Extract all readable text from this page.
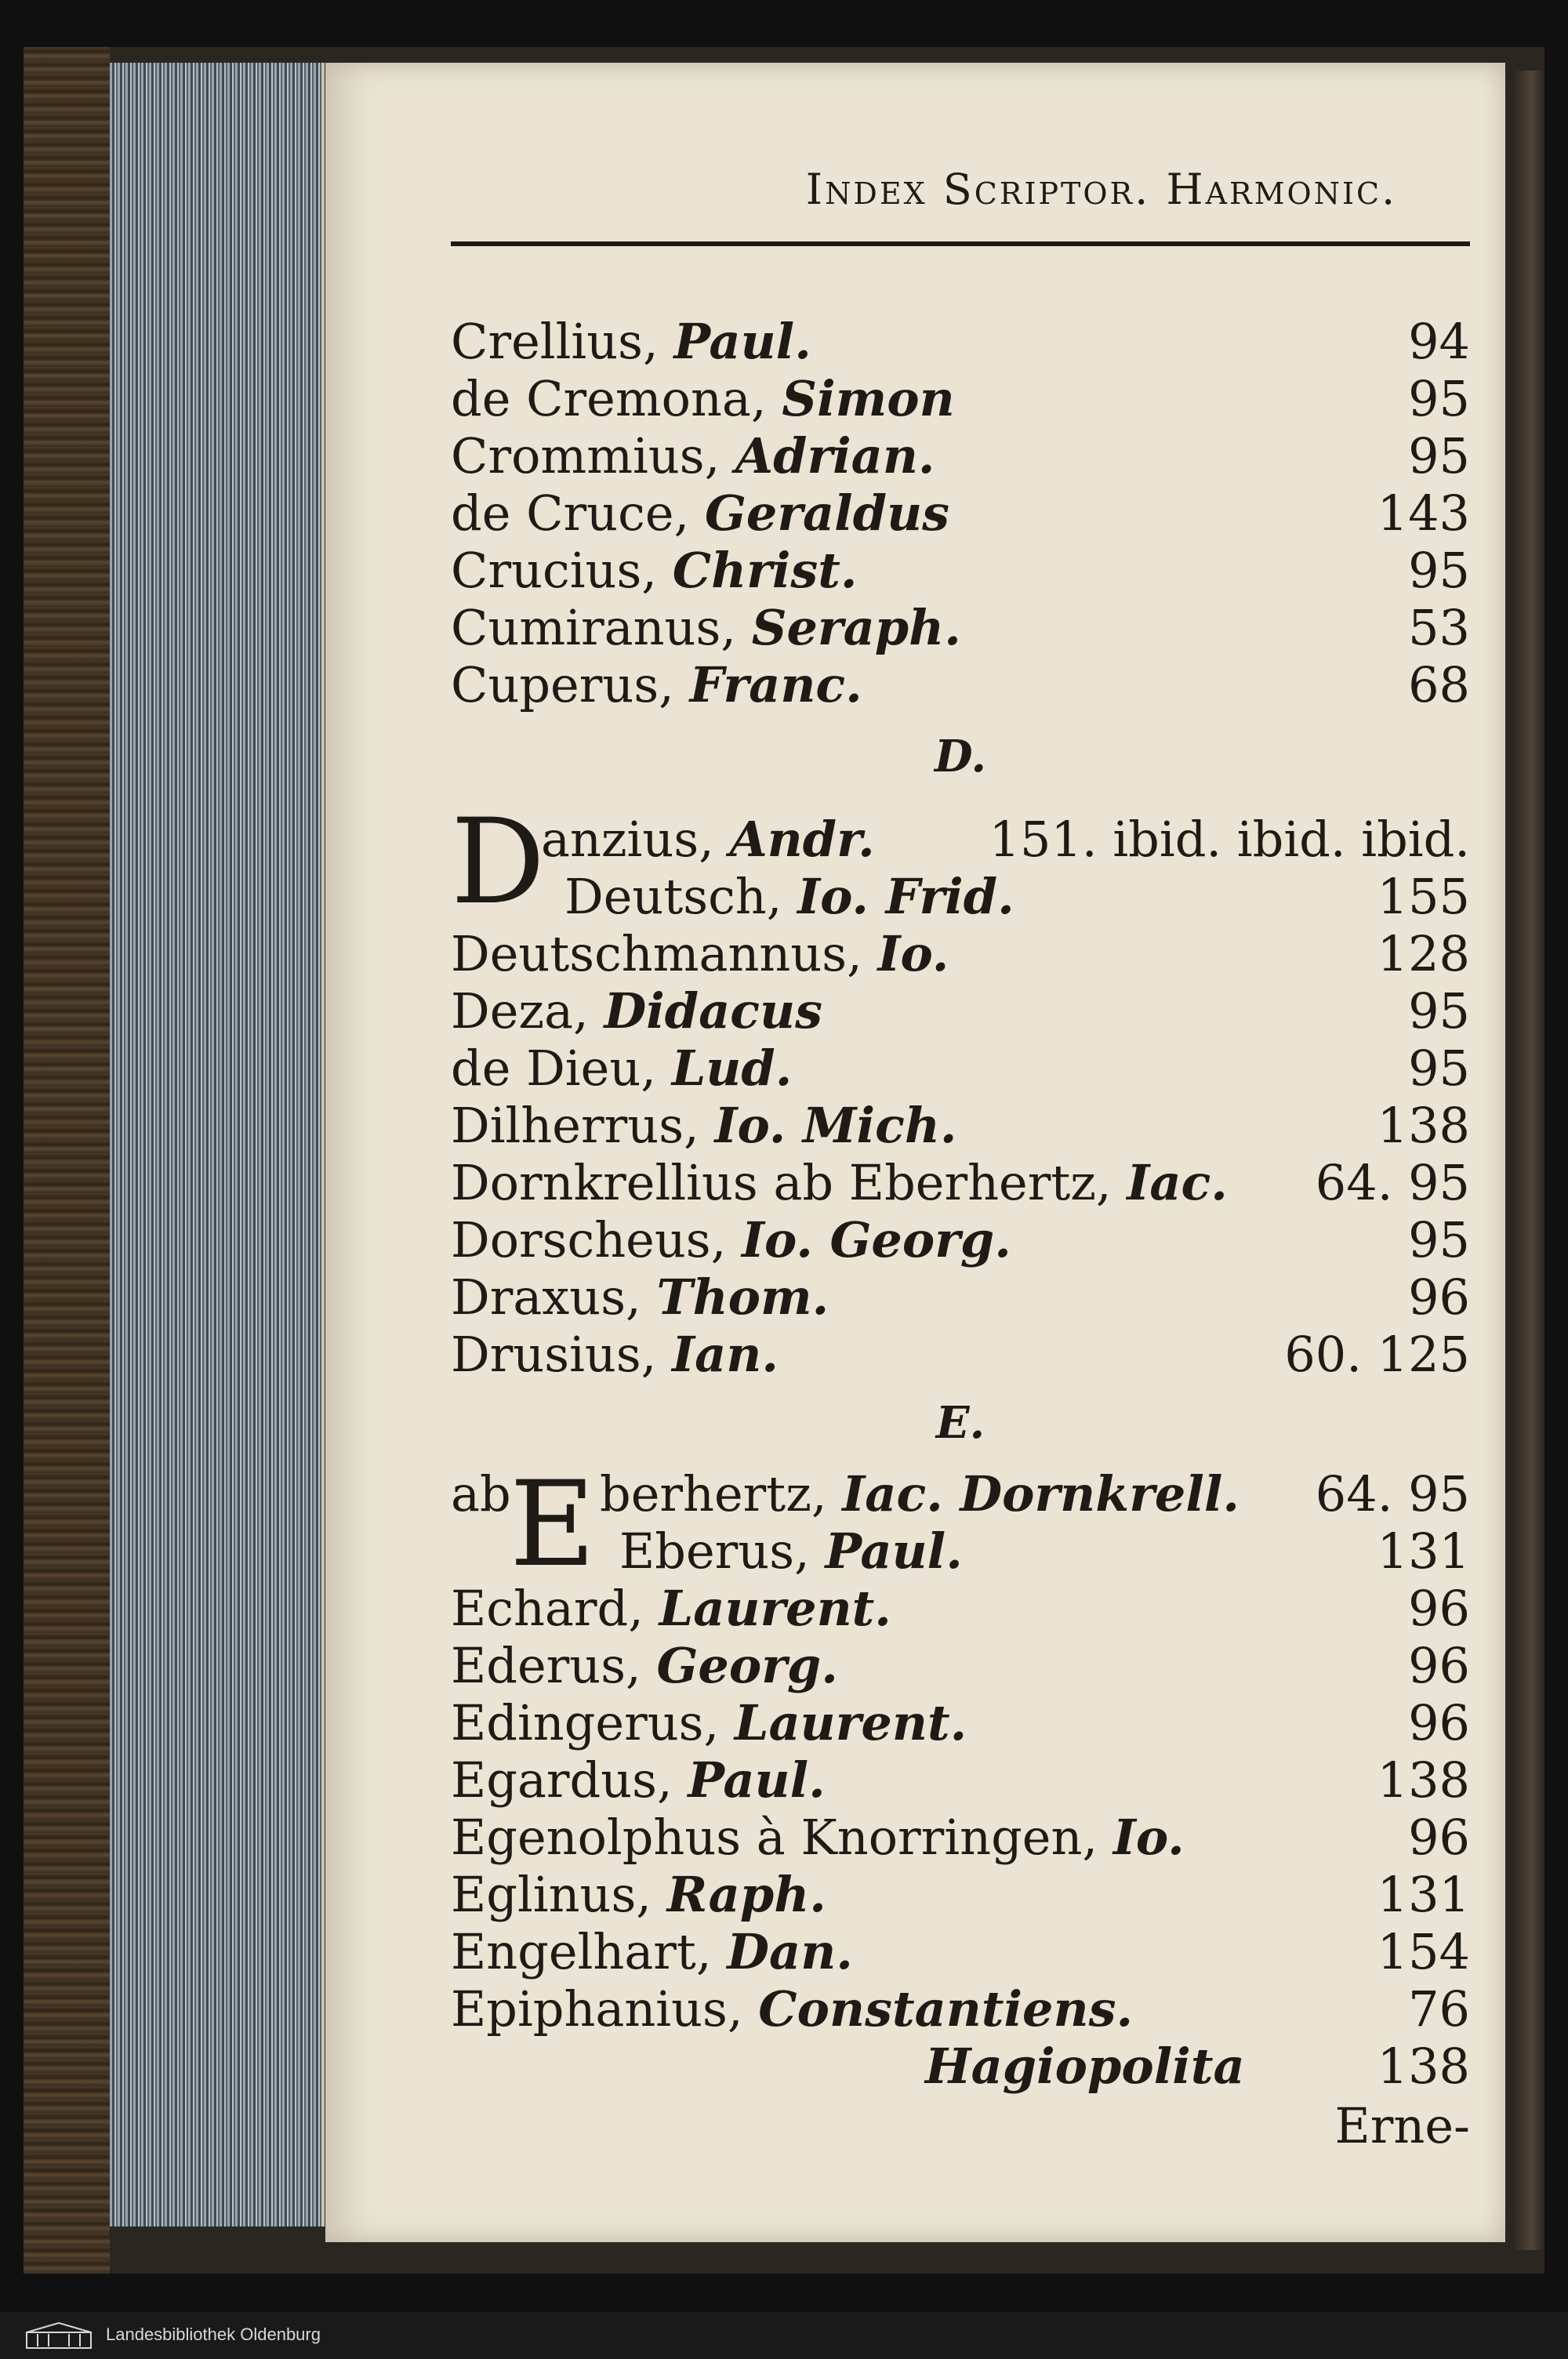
Index Scriptor. Harmonic.
Crellius, Paul.	94
de Cremona, Simon	95
Crommius, Adrian.	95
de Cruce, Geraldus	143
Crucius, Christ.	95
Cumiranus, Seraph.	53
Cuperus, Franc.	68
D.
D
anzius, Andr. 151. ibid. ibid. ibid.
Deutsch, Io. Frid.	155
Deutschmannus, Io.	128
Deza, Didacus	95
de Dieu, Lud.	95
Dilherrus, Io. Mich.	138
Dornkrellius ab Eberhertz, Iac. 64. 95
Dorscheus, Io. Georg.	95
Draxus, Thom.	96
Drusius, Ian.	60. 125
E.
ab
E berhertz, Iac. Dornkrell. 64. 95
Eberus, Paul.	131
Echard, Laurent.	96
Ederus, Georg.	96
Edingerus, Laurent.	96
Egardus, Paul.	138
Egenolphus à Knorringen, Io.	96
Eglinus, Raph.	131
Engelhart, Dan.	154
Epiphanius, Constantiens.	76
Hagiopolita	138
Erne-
Landesbibliothek Oldenburg
